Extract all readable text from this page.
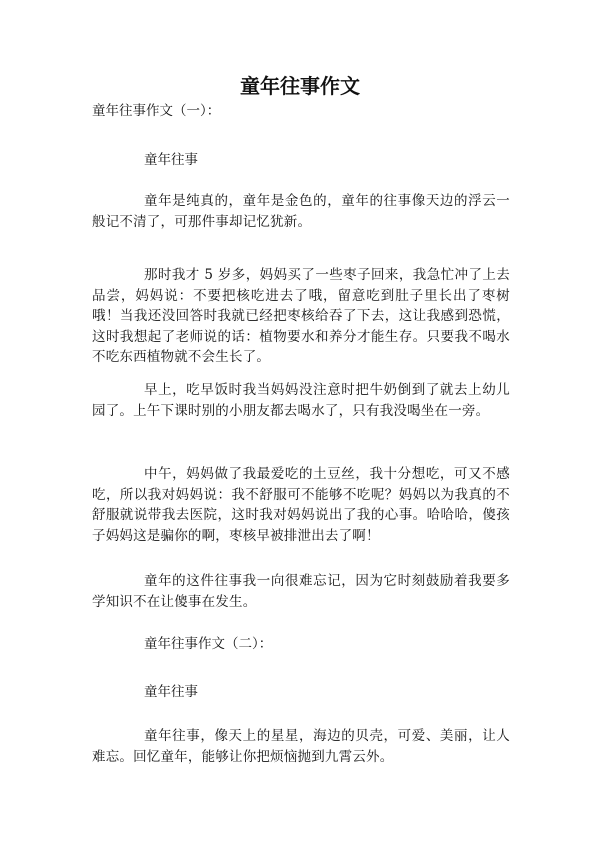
童年往事作文
童年往事作文（一）：
童年往事
童年是纯真的，童年是金色的，童年的往事像天边的浮云一般记不清了，可那件事却记忆犹新。
那时我才 5 岁多，妈妈买了一些枣子回来，我急忙冲了上去品尝，妈妈说：不要把核吃进去了哦，留意吃到肚子里长出了枣树哦！当我还没回答时我就已经把枣核给吞了下去，这让我感到恐慌，这时我想起了老师说的话：植物要水和养分才能生存。只要我不喝水不吃东西植物就不会生长了。
早上，吃早饭时我当妈妈没注意时把牛奶倒到了就去上幼儿园了。上午下课时别的小朋友都去喝水了，只有我没喝坐在一旁。
中午，妈妈做了我最爱吃的土豆丝，我十分想吃，可又不感吃，所以我对妈妈说：我不舒服可不能够不吃呢？妈妈以为我真的不舒服就说带我去医院，这时我对妈妈说出了我的心事。哈哈哈，傻孩子妈妈这是骗你的啊，枣核早被排泄出去了啊！
童年的这件往事我一向很难忘记，因为它时刻鼓励着我要多学知识不在让傻事在发生。
童年往事作文（二）：
童年往事
童年往事，像天上的星星，海边的贝壳，可爱、美丽，让人难忘。回忆童年，能够让你把烦恼抛到九霄云外。
